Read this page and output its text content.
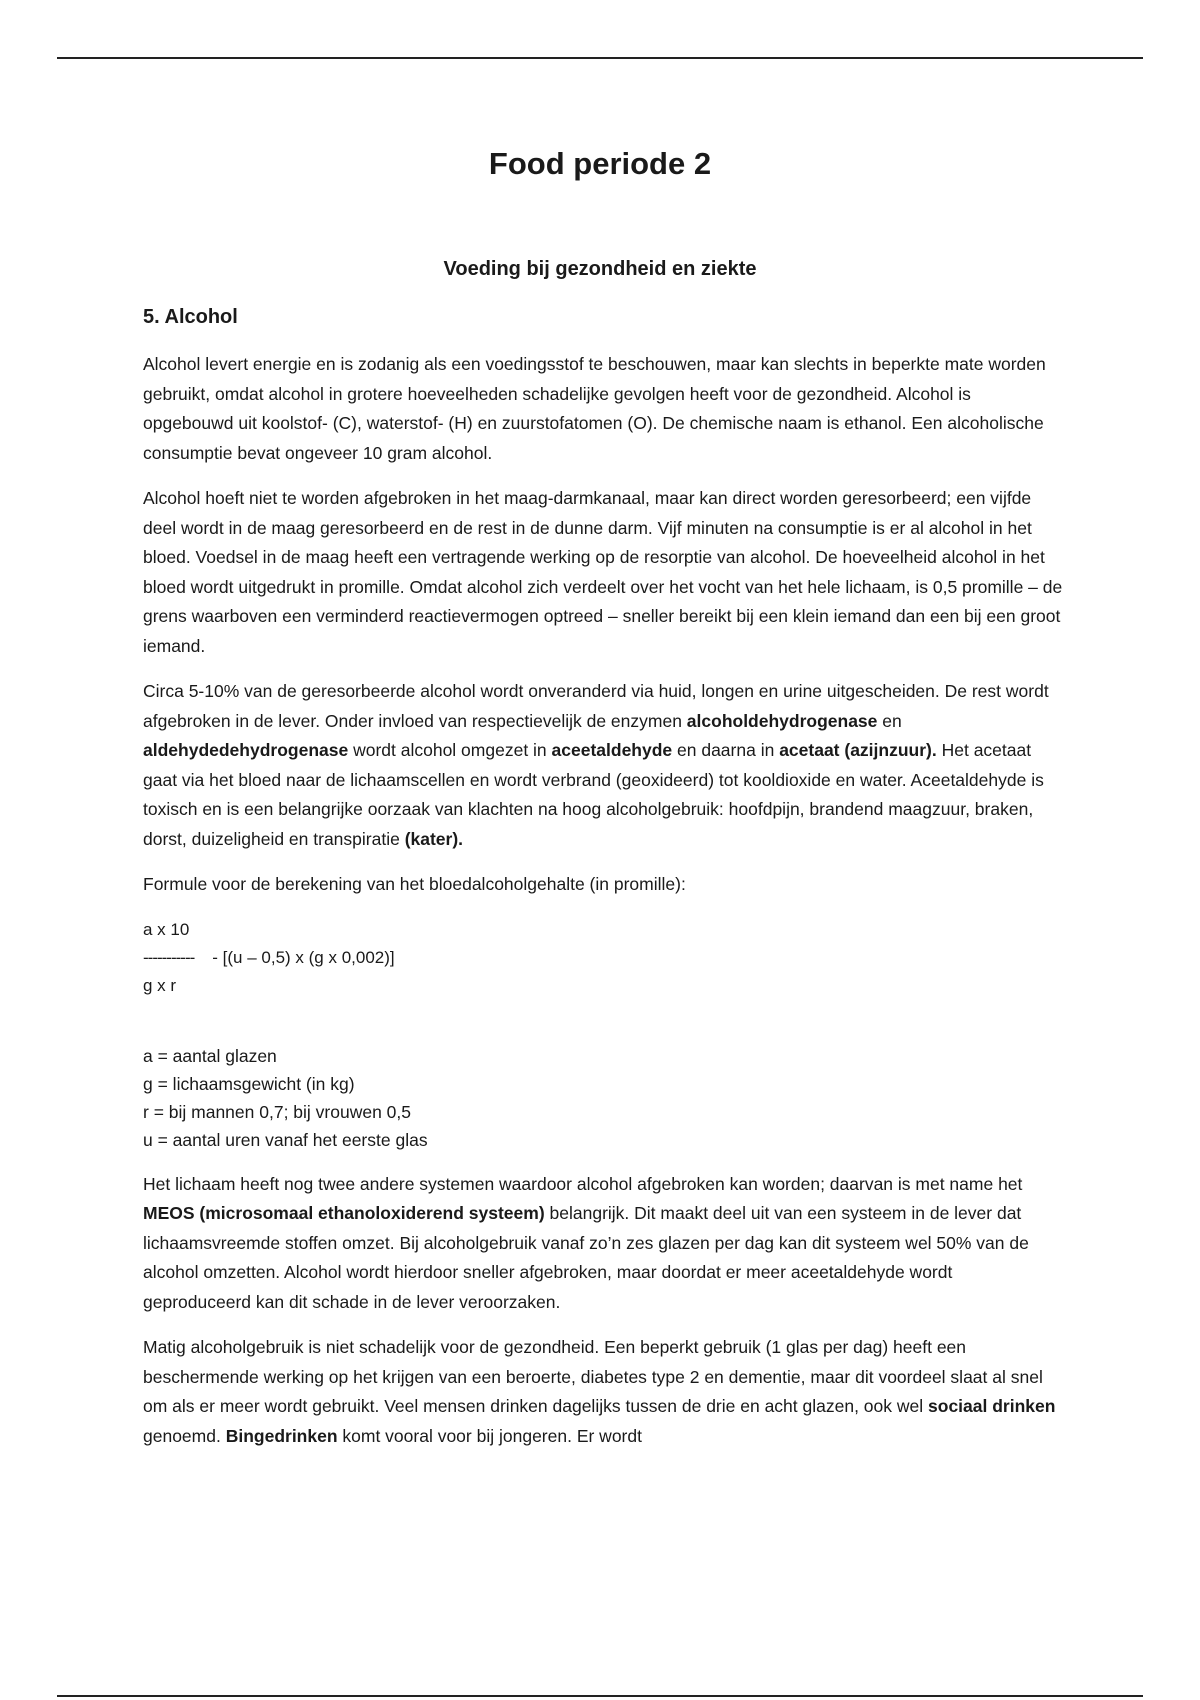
Food periode 2
Voeding bij gezondheid en ziekte
5. Alcohol

Alcohol levert energie en is zodanig als een voedingsstof te beschouwen, maar kan slechts in beperkte mate worden gebruikt, omdat alcohol in grotere hoeveelheden schadelijke gevolgen heeft voor de gezondheid. Alcohol is opgebouwd uit koolstof- (C), waterstof- (H) en zuurstofatomen (O). De chemische naam is ethanol. Een alcoholische consumptie bevat ongeveer 10 gram alcohol.

Alcohol hoeft niet te worden afgebroken in het maag-darmkanaal, maar kan direct worden geresorbeerd; een vijfde deel wordt in de maag geresorbeerd en de rest in de dunne darm. Vijf minuten na consumptie is er al alcohol in het bloed. Voedsel in de maag heeft een vertragende werking op de resorptie van alcohol. De hoeveelheid alcohol in het bloed wordt uitgedrukt in promille. Omdat alcohol zich verdeelt over het vocht van het hele lichaam, is 0,5 promille – de grens waarboven een verminderd reactievermogen optreed – sneller bereikt bij een klein iemand dan een bij een groot iemand.

Circa 5-10% van de geresorbeerde alcohol wordt onveranderd via huid, longen en urine uitgescheiden. De rest wordt afgebroken in de lever. Onder invloed van respectievelijk de enzymen alcoholdehydrogenase en aldehydedehydrogenase wordt alcohol omgezet in aceetaldehyde en daarna in acetaat (azijnzuur). Het acetaat gaat via het bloed naar de lichaamscellen en wordt verbrand (geoxideerd) tot kooldioxide en water. Aceetaldehyde is toxisch en is een belangrijke oorzaak van klachten na hoog alcoholgebruik: hoofdpijn, brandend maagzuur, braken, dorst, duizeligheid en transpiratie (kater).

Formule voor de berekening van het bloedalcoholgehalte (in promille):

a x 10
----------- - [(u – 0,5) x (g x 0,002)]
g x r
a = aantal glazen
g = lichaamsgewicht (in kg)
r = bij mannen 0,7; bij vrouwen 0,5
u = aantal uren vanaf het eerste glas

Het lichaam heeft nog twee andere systemen waardoor alcohol afgebroken kan worden; daarvan is met name het MEOS (microsomaal ethanoloxiderend systeem) belangrijk. Dit maakt deel uit van een systeem in de lever dat lichaamsvreemde stoffen omzet. Bij alcoholgebruik vanaf zo’n zes glazen per dag kan dit systeem wel 50% van de alcohol omzetten. Alcohol wordt hierdoor sneller afgebroken, maar doordat er meer aceetaldehyde wordt geproduceerd kan dit schade in de lever veroorzaken.

Matig alcoholgebruik is niet schadelijk voor de gezondheid. Een beperkt gebruik (1 glas per dag) heeft een beschermende werking op het krijgen van een beroerte, diabetes type 2 en dementie, maar dit voordeel slaat al snel om als er meer wordt gebruikt. Veel mensen drinken dagelijks tussen de drie en acht glazen, ook wel sociaal drinken genoemd. Bingedrinken komt vooral voor bij jongeren. Er wordt
